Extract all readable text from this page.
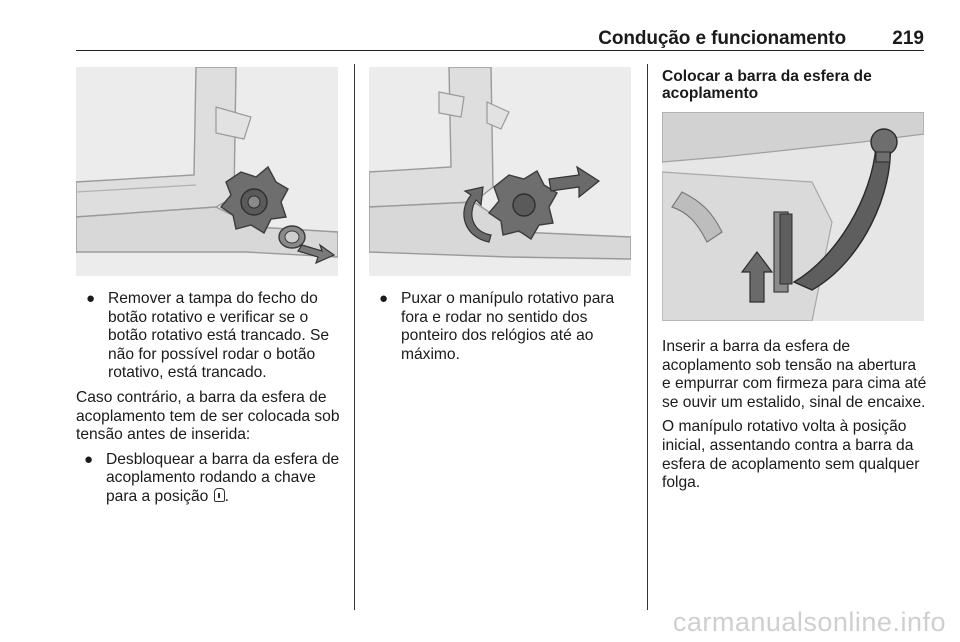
Condução e funcionamento 219
● Remover a tampa do fecho do botão rotativo e verificar se o botão rotativo está trancado. Se não for possível rodar o botão rotativo, está trancado.

Caso contrário, a barra da esfera de acoplamento tem de ser colocada sob tensão antes de inserida:

● Desbloquear a barra da esfera de acoplamento rodando a chave para a posição .
● Puxar o manípulo rotativo para fora e rodar no sentido dos ponteiro dos relógios até ao máximo.
Colocar a barra da esfera de acoplamento

Inserir a barra da esfera de acoplamento sob tensão na abertura e empurrar com firmeza para cima até se ouvir um estalido, sinal de encaixe.

O manípulo rotativo volta à posição inicial, assentando contra a barra da esfera de acoplamento sem qualquer folga.

carmanualsonline.info
